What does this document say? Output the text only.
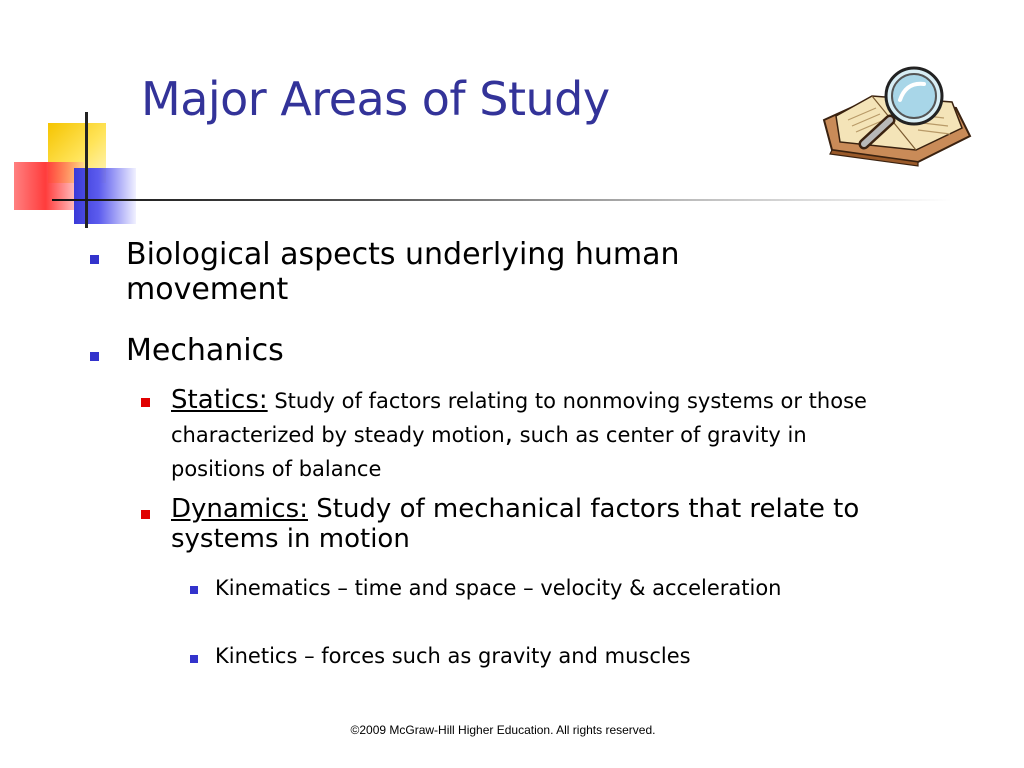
Major Areas of Study
Biological aspects underlying human movement
Mechanics
Statics: Study of factors relating to nonmoving systems or those characterized by steady motion, such as center of gravity in positions of balance
Dynamics: Study of mechanical factors that relate to systems in motion
Kinematics – time and space – velocity & acceleration
Kinetics – forces such as gravity and muscles
©2009 McGraw-Hill Higher Education. All rights reserved.
